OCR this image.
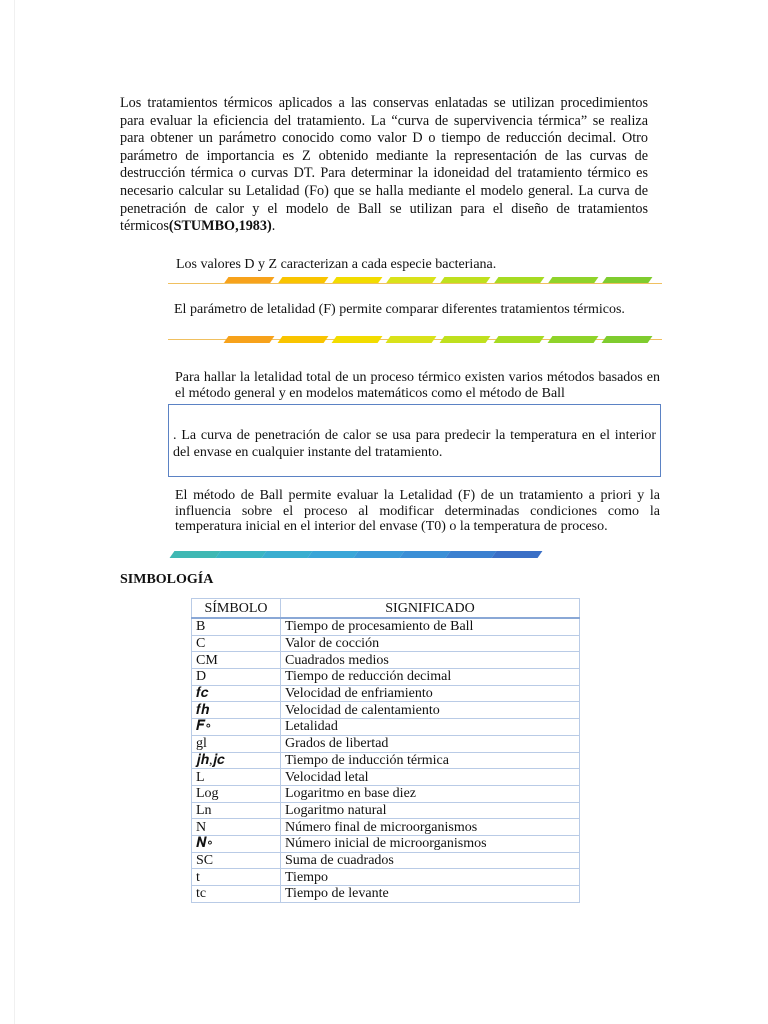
Los tratamientos térmicos aplicados a las conservas enlatadas se utilizan procedimientos para evaluar la eficiencia del tratamiento. La “curva de supervivencia térmica” se realiza para obtener un parámetro conocido como valor D o tiempo de reducción decimal. Otro parámetro de importancia es Z obtenido mediante la representación de las curvas de destrucción térmica o curvas DT. Para determinar la idoneidad del tratamiento térmico es necesario calcular su Letalidad (Fo) que se halla mediante el modelo general. La curva de penetración de calor y el modelo de Ball se utilizan para el diseño de tratamientos térmicos(STUMBO,1983).

Los valores D y Z caracterizan a cada especie bacteriana.

El parámetro de letalidad (F) permite comparar diferentes tratamientos térmicos.

Para hallar la letalidad total de un proceso térmico existen varios métodos basados en el método general y en modelos matemáticos como el método de Ball

. La curva de penetración de calor se usa para predecir la temperatura en el interior del envase en cualquier instante del tratamiento.

El método de Ball permite evaluar la Letalidad (F) de un tratamiento a priori y la influencia sobre el proceso al modificar determinadas condiciones como la temperatura inicial en el interior del envase (T0) o la temperatura de proceso.

SIMBOLOGÍA
SÍMBOLO	SIGNIFICADO
B	Tiempo de procesamiento de Ball
C	Valor de cocción
CM	Cuadrados medios
D	Tiempo de reducción decimal
𝒇𝒄	Velocidad de enfriamiento
𝒇𝒉	Velocidad de calentamiento
𝑭∘	Letalidad
gl	Grados de libertad
𝒋𝒉,𝒋𝒄	Tiempo de inducción térmica
L	Velocidad letal
Log	Logaritmo en base diez
Ln	Logaritmo natural
N	Número final de microorganismos
𝑵∘	Número inicial de microorganismos
SC	Suma de cuadrados
t	Tiempo
tc	Tiempo de levante
